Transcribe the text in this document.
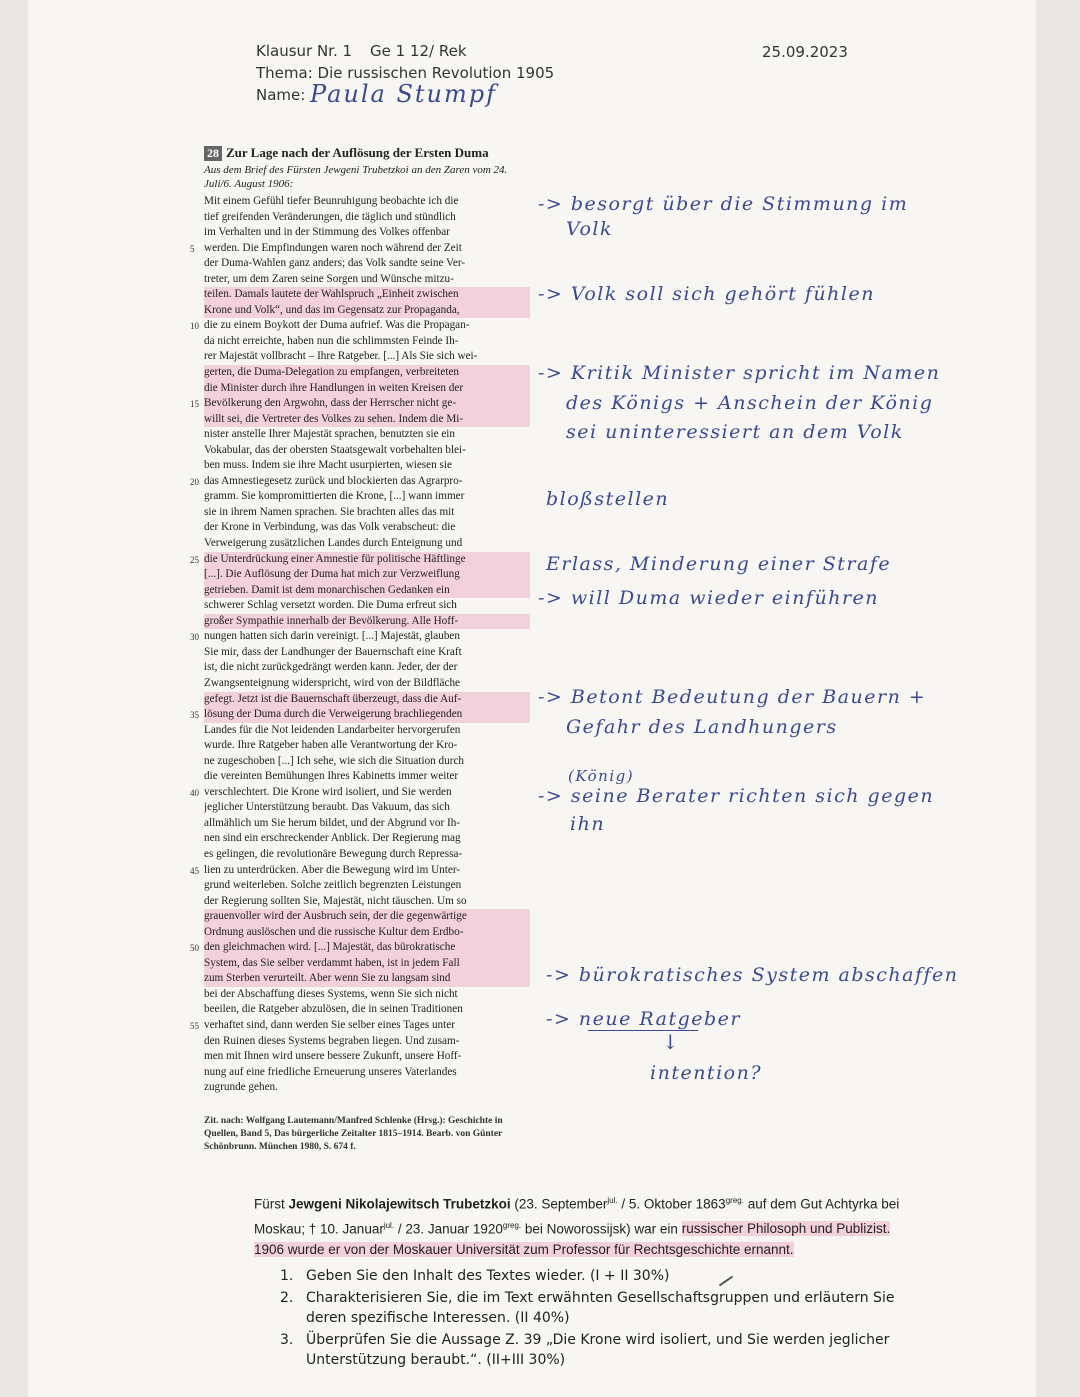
Klausur Nr. 1 Ge 1 12/ Rek	25.09.2023
Thema: Die russischen Revolution 1905
Name: Paula Stumpf
28 Zur Lage nach der Auflösung der Ersten Duma
Aus dem Brief des Fürsten Jewgeni Trubetzkoi an den Zaren vom 24. Juli/6. August 1906:
Mit einem Gefühl tiefer Beunruhigung beobachte ich die
tief greifenden Veränderungen, die täglich und stündlich
im Verhalten und in der Stimmung des Volkes offenbar
werden. Die Empfindungen waren noch während der Zeit
der Duma-Wahlen ganz anders; das Volk sandte seine Ver-
treter, um dem Zaren seine Sorgen und Wünsche mitzu-
teilen. Damals lautete der Wahlspruch „Einheit zwischen
Krone und Volk“, und das im Gegensatz zur Propaganda,
die zu einem Boykott der Duma aufrief. Was die Propagan-
da nicht erreichte, haben nun die schlimmsten Feinde Ih-
rer Majestät vollbracht – Ihre Ratgeber. [...] Als Sie sich wei-
gerten, die Duma-Delegation zu empfangen, verbreiteten
die Minister durch ihre Handlungen in weiten Kreisen der
Bevölkerung den Argwohn, dass der Herrscher nicht ge-
willt sei, die Vertreter des Volkes zu sehen. Indem die Mi-
nister anstelle Ihrer Majestät sprachen, benutzten sie ein
Vokabular, das der obersten Staatsgewalt vorbehalten blei-
ben muss. Indem sie ihre Macht usurpierten, wiesen sie
das Amnestiegesetz zurück und blockierten das Agrarpro-
gramm. Sie kompromittierten die Krone, [...] wann immer
sie in ihrem Namen sprachen. Sie brachten alles das mit
der Krone in Verbindung, was das Volk verabscheut: die
Verweigerung zusätzlichen Landes durch Enteignung und
die Unterdrückung einer Amnestie für politische Häftlinge
[...]. Die Auflösung der Duma hat mich zur Verzweiflung
getrieben. Damit ist dem monarchischen Gedanken ein
schwerer Schlag versetzt worden. Die Duma erfreut sich
großer Sympathie innerhalb der Bevölkerung. Alle Hoff-
nungen hatten sich darin vereinigt. [...] Majestät, glauben
Sie mir, dass der Landhunger der Bauernschaft eine Kraft
ist, die nicht zurückgedrängt werden kann. Jeder, der der
Zwangsenteignung widerspricht, wird von der Bildfläche
gefegt. Jetzt ist die Bauernschaft überzeugt, dass die Auf-
lösung der Duma durch die Verweigerung brachliegenden
Landes für die Not leidenden Landarbeiter hervorgerufen
wurde. Ihre Ratgeber haben alle Verantwortung der Kro-
ne zugeschoben [...] Ich sehe, wie sich die Situation durch
die vereinten Bemühungen Ihres Kabinetts immer weiter
verschlechtert. Die Krone wird isoliert, und Sie werden
jeglicher Unterstützung beraubt. Das Vakuum, das sich
allmählich um Sie herum bildet, und der Abgrund vor Ih-
nen sind ein erschreckender Anblick. Der Regierung mag
es gelingen, die revolutionäre Bewegung durch Repressa-
lien zu unterdrücken. Aber die Bewegung wird im Unter-
grund weiterleben. Solche zeitlich begrenzten Leistungen
der Regierung sollten Sie, Majestät, nicht täuschen. Um so
grauenvoller wird der Ausbruch sein, der die gegenwärtige
Ordnung auslöschen und die russische Kultur dem Erdbo-
den gleichmachen wird. [...] Majestät, das bürokratische
System, das Sie selber verdammt haben, ist in jedem Fall
zum Sterben verurteilt. Aber wenn Sie zu langsam sind
bei der Abschaffung dieses Systems, wenn Sie sich nicht
beeilen, die Ratgeber abzulösen, die in seinen Traditionen
verhaftet sind, dann werden Sie selber eines Tages unter
den Ruinen dieses Systems begraben liegen. Und zusam-
men mit Ihnen wird unsere bessere Zukunft, unsere Hoff-
nung auf eine friedliche Erneuerung unseres Vaterlandes
zugrunde gehen.
5
10
15
20
25
30
35
40
45
50
55
Zit. nach: Wolfgang Lautemann/Manfred Schlenke (Hrsg.): Geschichte in Quellen, Band 5, Das bürgerliche Zeitalter 1815–1914. Bearb. von Günter Schönbrunn. München 1980, S. 674 f.
-> besorgt über die Stimmung im
Volk
-> Volk soll sich gehört fühlen
-> Kritik Minister spricht im Namen
des Königs + Anschein der König
sei uninteressiert an dem Volk
bloßstellen
Erlass, Minderung einer Strafe
-> will Duma wieder einführen
-> Betont Bedeutung der Bauern +
Gefahr des Landhungers
(König)
-> seine Berater richten sich gegen
ihn
-> bürokratisches System abschaffen
-> neue Ratgeber
↓
intention?
Fürst Jewgeni Nikolajewitsch Trubetzkoi (23. September$^{jul.}$ / 5. Oktober $1863^{greg.}$ auf dem Gut Achtyrka bei Moskau; † 10. Januar$^{jul.}$ / 23. Januar $1920^{greg.}$ bei Noworossijsk) war ein russischer Philosoph und Publizist. 1906 wurde er von der Moskauer Universität zum Professor für Rechtsgeschichte ernannt.
1. Geben Sie den Inhalt des Textes wieder. (I + II 30%)
2. Charakterisieren Sie, die im Text erwähnten Gesellschaftsgruppen und erläutern Sie deren spezifische Interessen. (II 40%)
3. Überprüfen Sie die Aussage Z. 39 „Die Krone wird isoliert, und Sie werden jeglicher Unterstützung beraubt.“. (II+III 30%)
